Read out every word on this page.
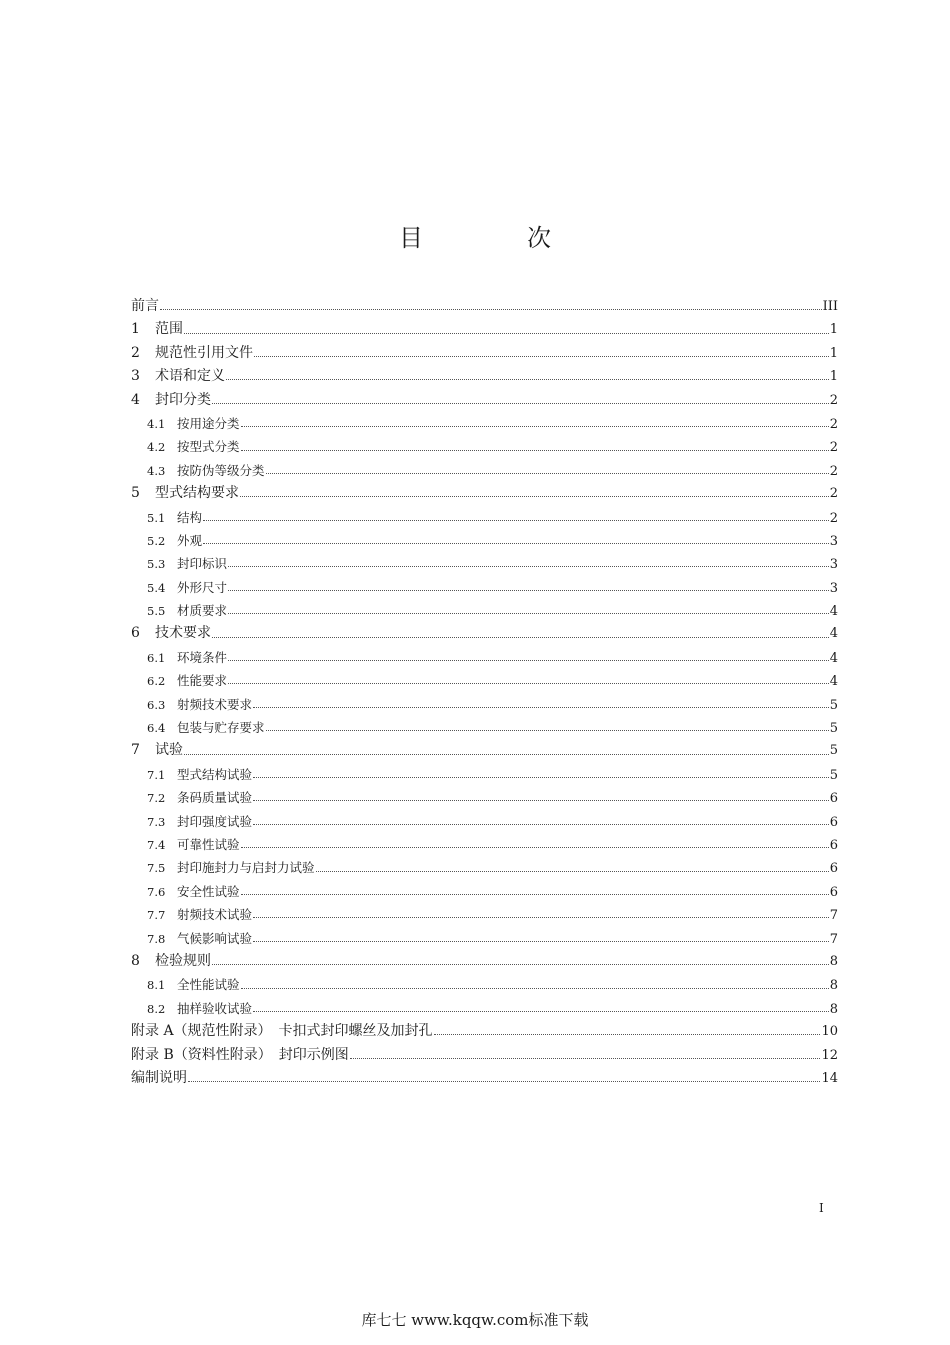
目　次
前言	III
1	范围	1
2	规范性引用文件	1
3	术语和定义	1
4	封印分类	2
4.1 按用途分类	2
4.2 按型式分类	2
4.3 按防伪等级分类	2
5	型式结构要求	2
5.1 结构	2
5.2 外观	3
5.3 封印标识	3
5.4 外形尺寸	3
5.5 材质要求	4
6	技术要求	4
6.1 环境条件	4
6.2 性能要求	4
6.3 射频技术要求	5
6.4 包装与贮存要求	5
7	试验	5
7.1 型式结构试验	5
7.2 条码质量试验	6
7.3 封印强度试验	6
7.4 可靠性试验	6
7.5 封印施封力与启封力试验	6
7.6 安全性试验	6
7.7 射频技术试验	7
7.8 气候影响试验	7
8	检验规则	8
8.1 全性能试验	8
8.2 抽样验收试验	8
附录 A（规范性附录）　卡扣式封印螺丝及加封孔	10
附录 B（资料性附录）　封印示例图	12
编制说明	14
I
库七七 www.kqqw.com标准下载
